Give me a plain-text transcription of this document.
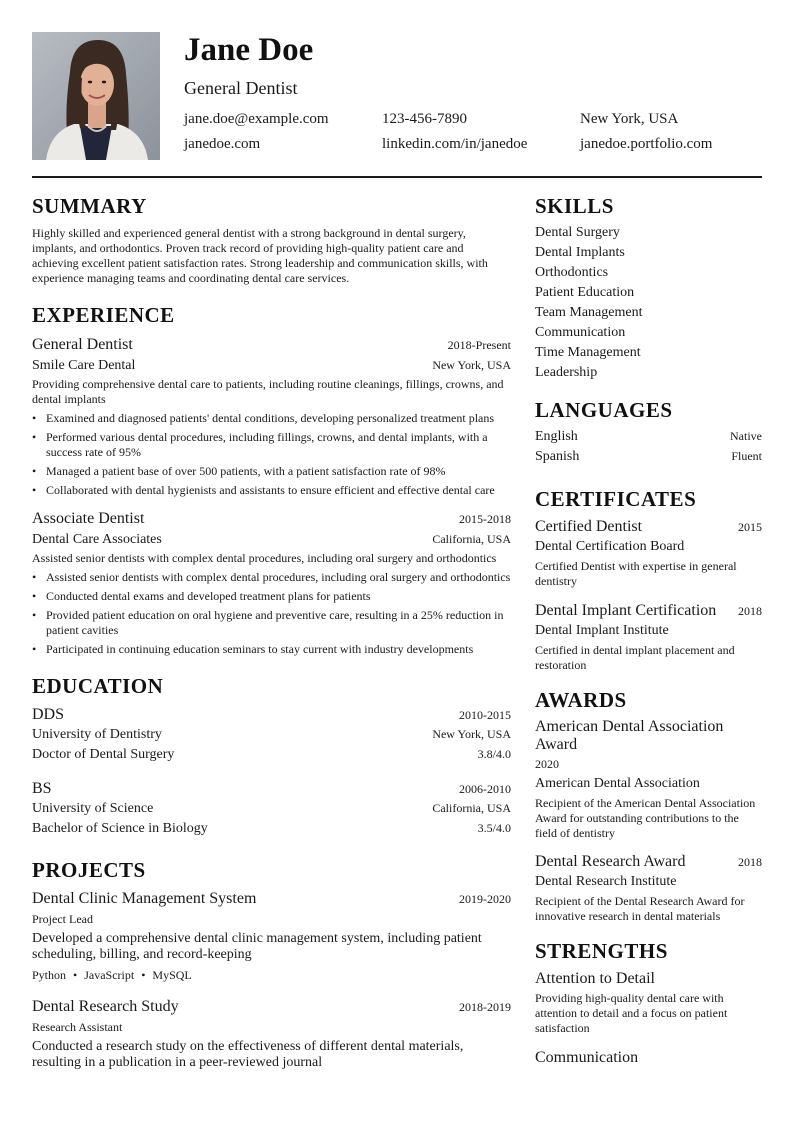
Jane Doe
General Dentist
jane.doe@example.com	123-456-7890	New York, USA
janedoe.com	linkedin.com/in/janedoe	janedoe.portfolio.com
SUMMARY
Highly skilled and experienced general dentist with a strong background in dental surgery, implants, and orthodontics. Proven track record of providing high-quality patient care and achieving excellent patient satisfaction rates. Strong leadership and communication skills, with experience managing teams and coordinating dental care services.
EXPERIENCE
General Dentist	2018-Present
Smile Care Dental	New York, USA
Providing comprehensive dental care to patients, including routine cleanings, fillings, crowns, and dental implants
• Examined and diagnosed patients' dental conditions, developing personalized treatment plans
• Performed various dental procedures, including fillings, crowns, and dental implants, with a success rate of 95%
• Managed a patient base of over 500 patients, with a patient satisfaction rate of 98%
• Collaborated with dental hygienists and assistants to ensure efficient and effective dental care
Associate Dentist	2015-2018
Dental Care Associates	California, USA
Assisted senior dentists with complex dental procedures, including oral surgery and orthodontics
• Assisted senior dentists with complex dental procedures, including oral surgery and orthodontics
• Conducted dental exams and developed treatment plans for patients
• Provided patient education on oral hygiene and preventive care, resulting in a 25% reduction in patient cavities
• Participated in continuing education seminars to stay current with industry developments
EDUCATION
DDS	2010-2015
University of Dentistry	New York, USA
Doctor of Dental Surgery	3.8/4.0
BS	2006-2010
University of Science	California, USA
Bachelor of Science in Biology	3.5/4.0
PROJECTS
Dental Clinic Management System	2019-2020
Project Lead
Developed a comprehensive dental clinic management system, including patient scheduling, billing, and record-keeping
Python • JavaScript • MySQL
Dental Research Study	2018-2019
Research Assistant
Conducted a research study on the effectiveness of different dental materials, resulting in a publication in a peer-reviewed journal
SKILLS
Dental Surgery
Dental Implants
Orthodontics
Patient Education
Team Management
Communication
Time Management
Leadership
LANGUAGES
English	Native
Spanish	Fluent
CERTIFICATES
Certified Dentist	2015
Dental Certification Board
Certified Dentist with expertise in general dentistry
Dental Implant Certification 2018
Dental Implant Institute
Certified in dental implant placement and restoration
AWARDS
American Dental Association Award
2020
American Dental Association
Recipient of the American Dental Association Award for outstanding contributions to the field of dentistry
Dental Research Award	2018
Dental Research Institute
Recipient of the Dental Research Award for innovative research in dental materials
STRENGTHS
Attention to Detail
Providing high-quality dental care with attention to detail and a focus on patient satisfaction
Communication
